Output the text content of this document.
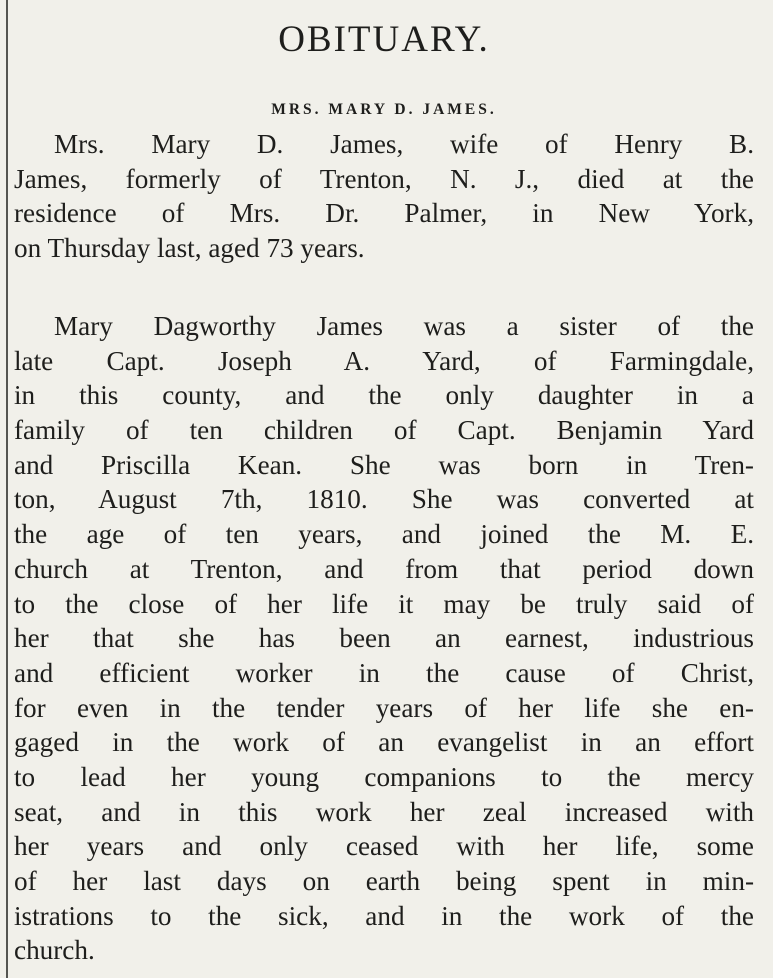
OBITUARY.
MRS. MARY D. JAMES.
Mrs. Mary D. James, wife of Henry B.
James, formerly of Trenton, N. J., died at the
residence of Mrs. Dr. Palmer, in New York,
on Thursday last, aged 73 years.
Mary Dagworthy James was a sister of the
late Capt. Joseph A. Yard, of Farmingdale,
in this county, and the only daughter in a
family of ten children of Capt. Benjamin Yard
and Priscilla Kean. She was born in Tren-
ton, August 7th, 1810. She was converted at
the age of ten years, and joined the M. E.
church at Trenton, and from that period down
to the close of her life it may be truly said of
her that she has been an earnest, industrious
and efficient worker in the cause of Christ,
for even in the tender years of her life she en-
gaged in the work of an evangelist in an effort
to lead her young companions to the mercy
seat, and in this work her zeal increased with
her years and only ceased with her life, some
of her last days on earth being spent in min-
istrations to the sick, and in the work of the
church.
